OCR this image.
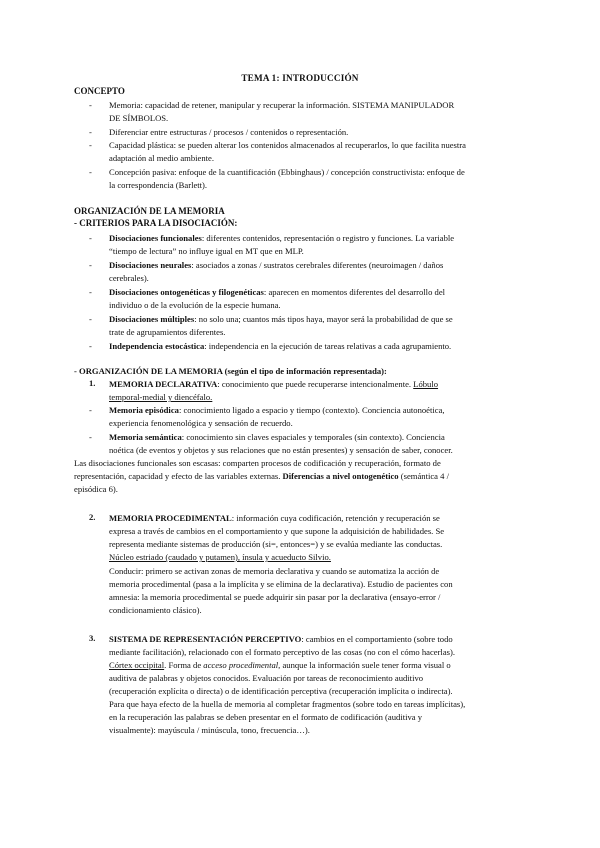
TEMA 1: INTRODUCCIÓN
CONCEPTO
- Memoria: capacidad de retener, manipular y recuperar la información. SISTEMA MANIPULADOR
DE SÍMBOLOS.
- Diferenciar entre estructuras / procesos / contenidos o representación.
- Capacidad plástica: se pueden alterar los contenidos almacenados al recuperarlos, lo que facilita nuestra
adaptación al medio ambiente.
- Concepción pasiva: enfoque de la cuantificación (Ebbinghaus) / concepción constructivista: enfoque de
la correspondencia (Barlett).
ORGANIZACIÓN DE LA MEMORIA
- CRITERIOS PARA LA DISOCIACIÓN:
- Disociaciones funcionales: diferentes contenidos, representación o registro y funciones. La variable
“tiempo de lectura” no influye igual en MT que en MLP.
- Disociaciones neurales: asociados a zonas / sustratos cerebrales diferentes (neuroimagen / daños
cerebrales).
- Disociaciones ontogenéticas y filogenéticas: aparecen en momentos diferentes del desarrollo del
individuo o de la evolución de la especie humana.
- Disociaciones múltiples: no solo una; cuantos más tipos haya, mayor será la probabilidad de que se
trate de agrupamientos diferentes.
- Independencia estocástica: independencia en la ejecución de tareas relativas a cada agrupamiento.
- ORGANIZACIÓN DE LA MEMORIA (según el tipo de información representada):
1. MEMORIA DECLARATIVA: conocimiento que puede recuperarse intencionalmente. Lóbulo
temporal-medial y diencéfalo.
- Memoria episódica: conocimiento ligado a espacio y tiempo (contexto). Conciencia autonoética,
experiencia fenomenológica y sensación de recuerdo.
- Memoria semántica: conocimiento sin claves espaciales y temporales (sin contexto). Conciencia
noética (de eventos y objetos y sus relaciones que no están presentes) y sensación de saber, conocer.
Las disociaciones funcionales son escasas: comparten procesos de codificación y recuperación, formato de
representación, capacidad y efecto de las variables externas. Diferencias a nivel ontogenético (semántica 4 /
episódica 6).
2. MEMORIA PROCEDIMENTAL: información cuya codificación, retención y recuperación se
expresa a través de cambios en el comportamiento y que supone la adquisición de habilidades. Se
representa mediante sistemas de producción (si=, entonces=) y se evalúa mediante las conductas.
Núcleo estriado (caudado y putamen), ínsula y acueducto Silvio.
Conducir: primero se activan zonas de memoria declarativa y cuando se automatiza la acción de
memoria procedimental (pasa a la implícita y se elimina de la declarativa). Estudio de pacientes con
amnesia: la memoria procedimental se puede adquirir sin pasar por la declarativa (ensayo-error /
condicionamiento clásico).
3. SISTEMA DE REPRESENTACIÓN PERCEPTIVO: cambios en el comportamiento (sobre todo
mediante facilitación), relacionado con el formato perceptivo de las cosas (no con el cómo hacerlas).
Córtex occipital. Forma de acceso procedimental, aunque la información suele tener forma visual o
auditiva de palabras y objetos conocidos. Evaluación por tareas de reconocimiento auditivo
(recuperación explícita o directa) o de identificación perceptiva (recuperación implícita o indirecta).
Para que haya efecto de la huella de memoria al completar fragmentos (sobre todo en tareas implícitas),
en la recuperación las palabras se deben presentar en el formato de codificación (auditiva y
visualmente): mayúscula / minúscula, tono, frecuencia…).
